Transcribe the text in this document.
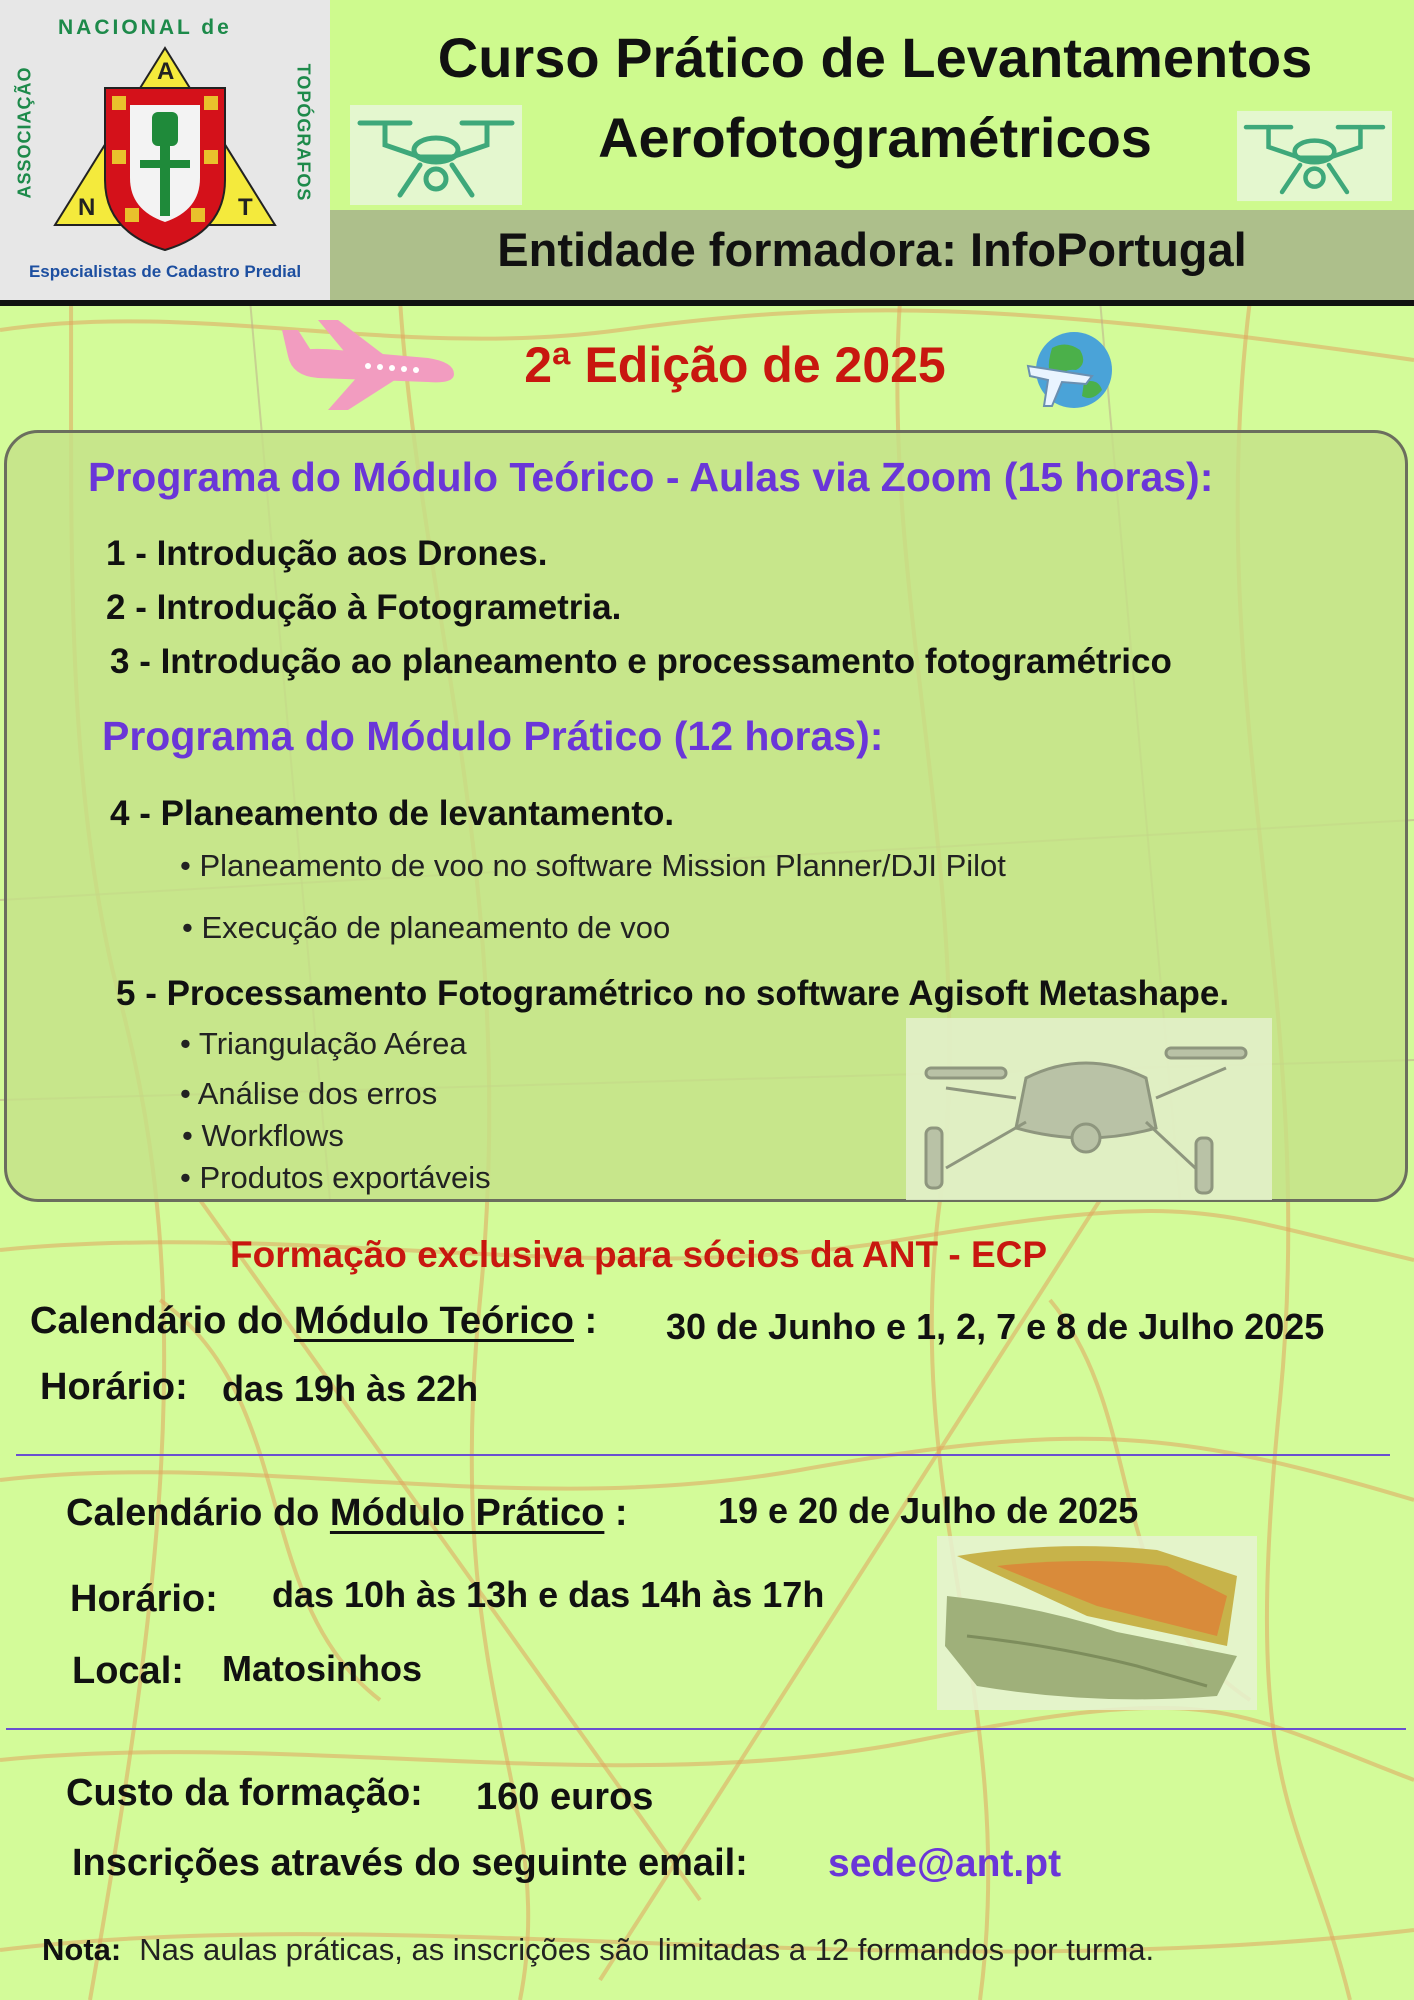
NACIONAL de
ASSOCIAÇÃO	TOPÓGRAFOS
A
N	T
Especialistas de Cadastro Predial
Curso Prático de Levantamentos
Aerofotogramétricos
Entidade formadora: InfoPortugal
2ª Edição de 2025
Programa do Módulo Teórico - Aulas via Zoom (15 horas):
1 - Introdução aos Drones.
2 - Introdução à Fotogrametria.
3 - Introdução ao planeamento e processamento fotogramétrico
Programa do Módulo Prático (12 horas):
4 - Planeamento de levantamento.
• Planeamento de voo no software Mission Planner/DJI Pilot
• Execução de planeamento de voo
5 - Processamento Fotogramétrico no software Agisoft Metashape.
• Triangulação Aérea
• Análise dos erros
• Workflows
• Produtos exportáveis
Formação exclusiva para sócios da ANT - ECP
Calendário do Módulo Teórico : 30 de Junho e 1, 2, 7 e 8 de Julho 2025
Horário: das 19h às 22h
Calendário do Módulo Prático :	19 e 20 de Julho de 2025
Horário: das 10h às 13h e das 14h às 17h
Local: Matosinhos
Custo da formação: 160 euros
Inscrições através do seguinte email: sede@ant.pt
Nota: Nas aulas práticas, as inscrições são limitadas a 12 formandos por turma.
